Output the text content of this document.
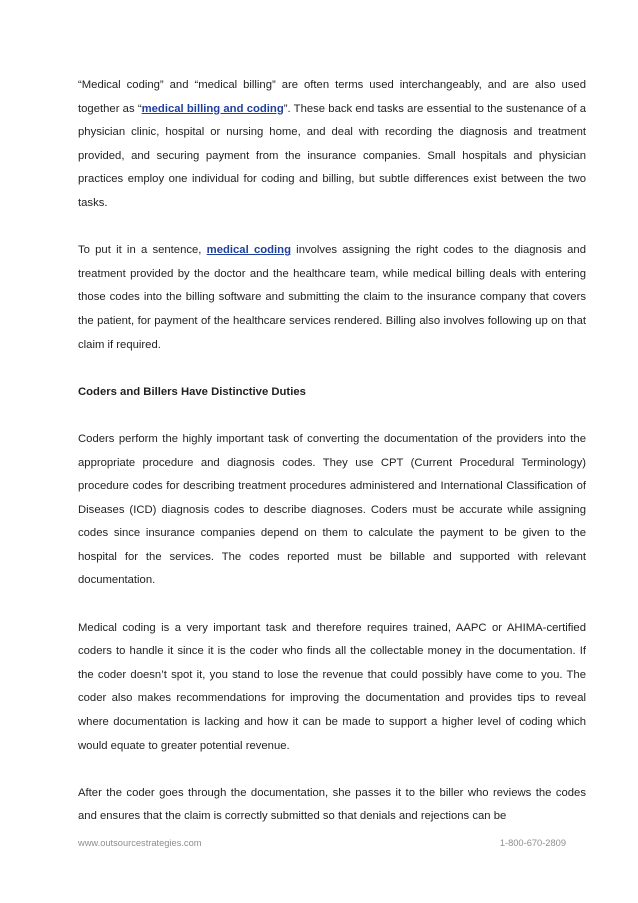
“Medical coding” and “medical billing” are often terms used interchangeably, and are also used together as “medical billing and coding”. These back end tasks are essential to the sustenance of a physician clinic, hospital or nursing home, and deal with recording the diagnosis and treatment provided, and securing payment from the insurance companies. Small hospitals and physician practices employ one individual for coding and billing, but subtle differences exist between the two tasks.

To put it in a sentence, medical coding involves assigning the right codes to the diagnosis and treatment provided by the doctor and the healthcare team, while medical billing deals with entering those codes into the billing software and submitting the claim to the insurance company that covers the patient, for payment of the healthcare services rendered. Billing also involves following up on that claim if required.

Coders and Billers Have Distinctive Duties

Coders perform the highly important task of converting the documentation of the providers into the appropriate procedure and diagnosis codes. They use CPT (Current Procedural Terminology) procedure codes for describing treatment procedures administered and International Classification of Diseases (ICD) diagnosis codes to describe diagnoses. Coders must be accurate while assigning codes since insurance companies depend on them to calculate the payment to be given to the hospital for the services. The codes reported must be billable and supported with relevant documentation.

Medical coding is a very important task and therefore requires trained, AAPC or AHIMA-certified coders to handle it since it is the coder who finds all the collectable money in the documentation. If the coder doesn’t spot it, you stand to lose the revenue that could possibly have come to you. The coder also makes recommendations for improving the documentation and provides tips to reveal where documentation is lacking and how it can be made to support a higher level of coding which would equate to greater potential revenue.

After the coder goes through the documentation, she passes it to the biller who reviews the codes and ensures that the claim is correctly submitted so that denials and rejections can be

www.outsourcestrategies.com	1-800-670-2809
